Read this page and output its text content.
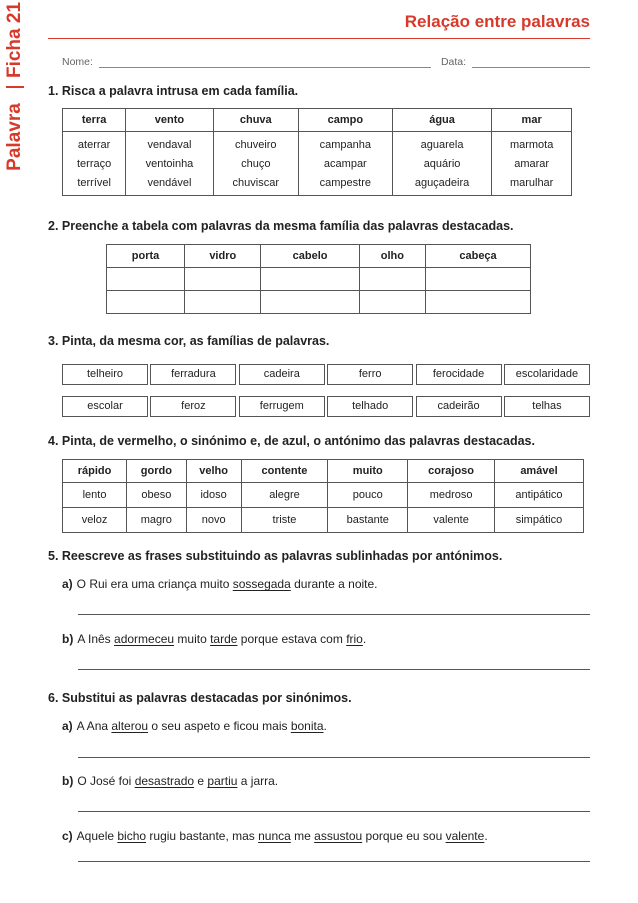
Ficha 21
Palavra
Relação entre palavras
Nome:	Data:
1. Risca a palavra intrusa em cada família.
terra	vento	chuva	campo	água	mar
aterrar	vendaval	chuveiro	campanha	aguarela	marmota
terraço	ventoinha	chuço	acampar	aquário	amarar
terrível	vendável	chuviscar	campestre	aguçadeira	marulhar
2. Preenche a tabela com palavras da mesma família das palavras destacadas.
porta	vidro	cabelo	olho	cabeça

3. Pinta, da mesma cor, as famílias de palavras.
telheiro	ferradura	cadeira	ferro	ferocidade	escolaridade
escolar	feroz	ferrugem	telhado	cadeirão	telhas
4. Pinta, de vermelho, o sinónimo e, de azul, o antónimo das palavras destacadas.
rápido	gordo	velho	contente	muito	corajoso	amável
lento	obeso	idoso	alegre	pouco	medroso	antipático
veloz	magro	novo	triste	bastante	valente	simpático
5. Reescreve as frases substituindo as palavras sublinhadas por antónimos.
a) O Rui era uma criança muito sossegada durante a noite.
b) A Inês adormeceu muito tarde porque estava com frio.
6. Substitui as palavras destacadas por sinónimos.
a) A Ana alterou o seu aspeto e ficou mais bonita.
b) O José foi desastrado e partiu a jarra.
c) Aquele bicho rugiu bastante, mas nunca me assustou porque eu sou valente.
